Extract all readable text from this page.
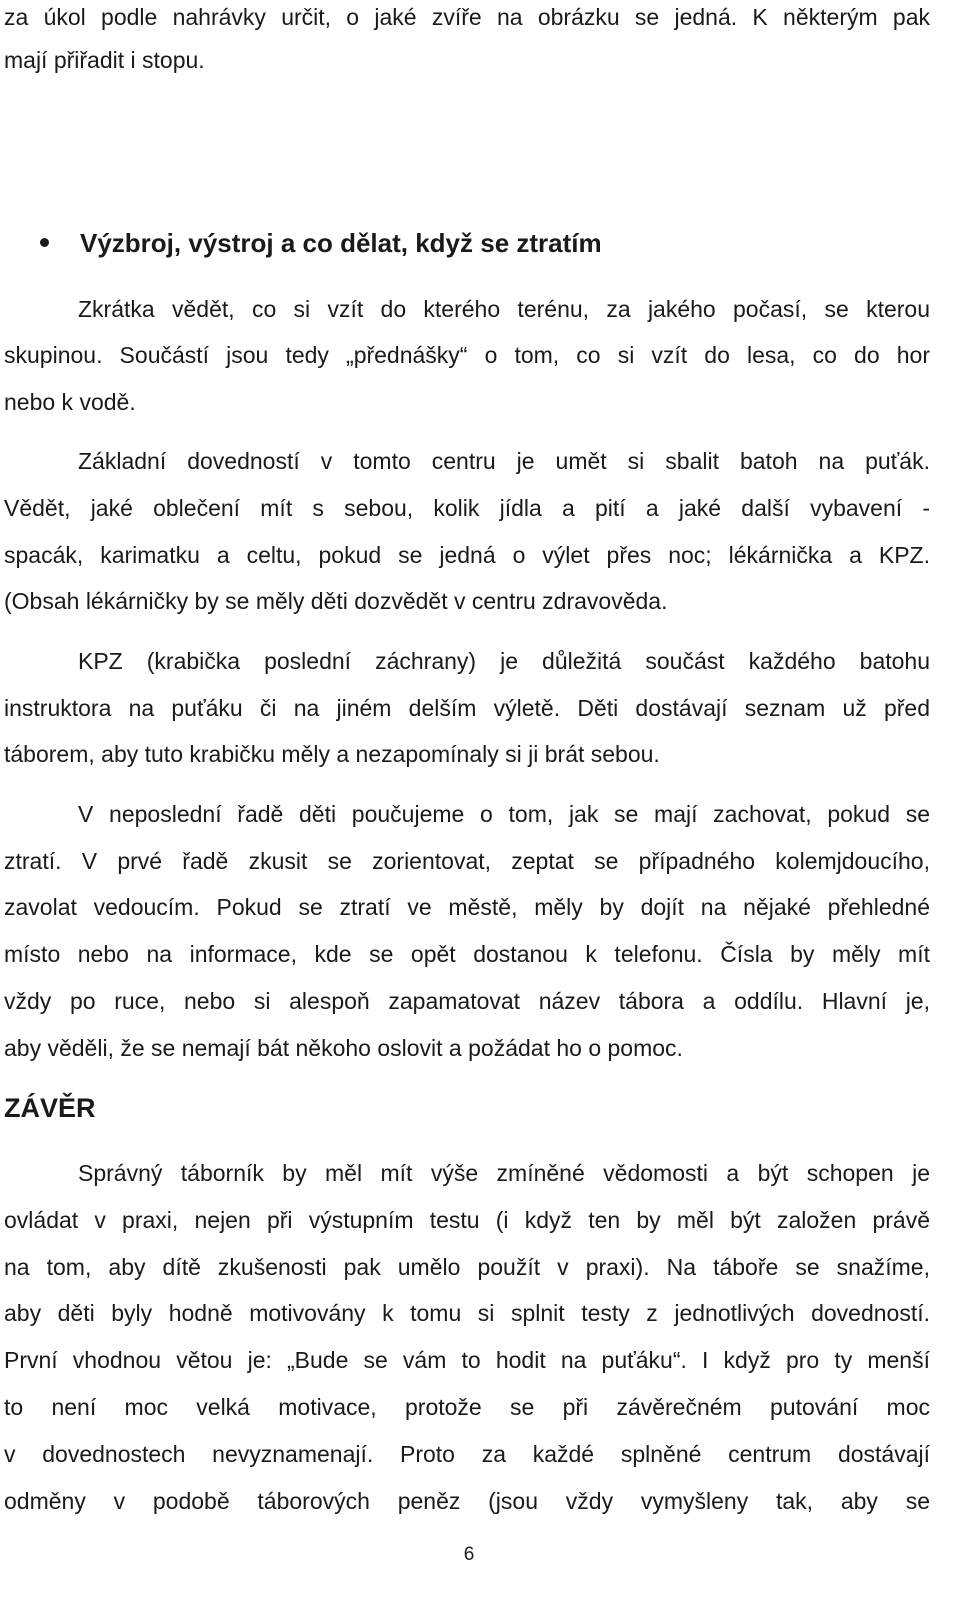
za úkol podle nahrávky určit, o jaké zvíře na obrázku se jedná. K některým pak
mají přiřadit i stopu.
Výzbroj, výstroj a co dělat, když se ztratím
Zkrátka vědět, co si vzít do kterého terénu, za jakého počasí, se kterou
skupinou. Součástí jsou tedy „přednášky“ o tom, co si vzít do lesa, co do hor
nebo k vodě.
Základní dovedností v tomto centru je umět si sbalit batoh na puťák.
Vědět, jaké oblečení mít s sebou, kolik jídla a pití a jaké další vybavení -
spacák, karimatku a celtu, pokud se jedná o výlet přes noc; lékárnička a KPZ.
(Obsah lékárničky by se měly děti dozvědět v centru zdravověda.
KPZ (krabička poslední záchrany) je důležitá součást každého batohu
instruktora na puťáku či na jiném delším výletě. Děti dostávají seznam už před
táborem, aby tuto krabičku měly a nezapomínaly si ji brát sebou.
V neposlední řadě děti poučujeme o tom, jak se mají zachovat, pokud se
ztratí. V prvé řadě zkusit se zorientovat, zeptat se případného kolemjdoucího,
zavolat vedoucím. Pokud se ztratí ve městě, měly by dojít na nějaké přehledné
místo nebo na informace, kde se opět dostanou k telefonu. Čísla by měly mít
vždy po ruce, nebo si alespoň zapamatovat název tábora a oddílu. Hlavní je,
aby věděli, že se nemají bát někoho oslovit a požádat ho o pomoc.
ZÁVĚR
Správný táborník by měl mít výše zmíněné vědomosti a být schopen je
ovládat v praxi, nejen při výstupním testu (i když ten by měl být založen právě
na tom, aby dítě zkušenosti pak umělo použít v praxi). Na táboře se snažíme,
aby děti byly hodně motivovány k tomu si splnit testy z jednotlivých dovedností.
První vhodnou větou je: „Bude se vám to hodit na puťáku“. I když pro ty menší
to není moc velká motivace, protože se při závěrečném putování moc
v dovednostech nevyznamenají. Proto za každé splněné centrum dostávají
odměny v podobě táborových peněz (jsou vždy vymyšleny tak, aby se
6
